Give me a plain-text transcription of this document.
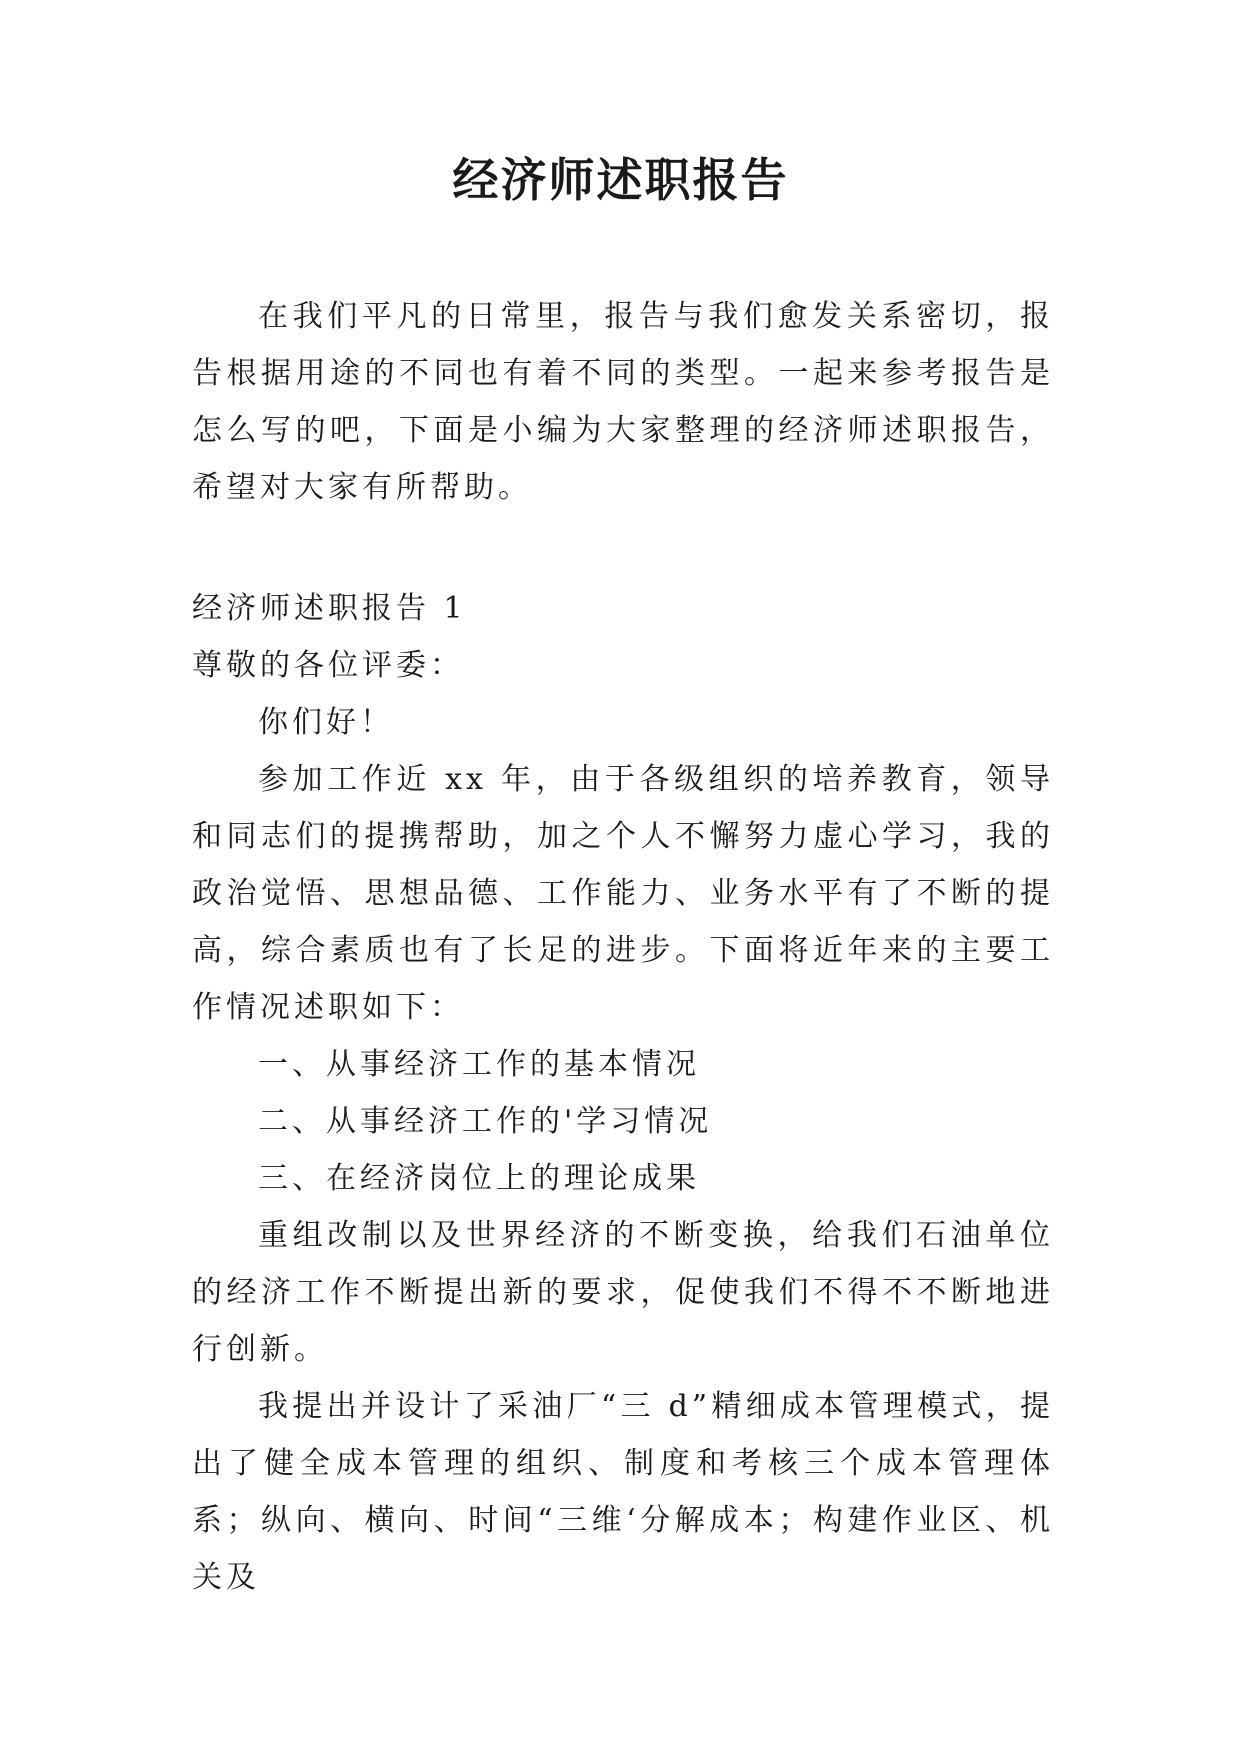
经济师述职报告

在我们平凡的日常里，报告与我们愈发关系密切，报告根据用途的不同也有着不同的类型。一起来参考报告是怎么写的吧，下面是小编为大家整理的经济师述职报告，希望对大家有所帮助。

经济师述职报告 1

尊敬的各位评委：

你们好！

参加工作近 xx 年，由于各级组织的培养教育，领导和同志们的提携帮助，加之个人不懈努力虚心学习，我的政治觉悟、思想品德、工作能力、业务水平有了不断的提高，综合素质也有了长足的进步。下面将近年来的主要工作情况述职如下：

一、从事经济工作的基本情况

二、从事经济工作的'学习情况

三、在经济岗位上的理论成果

重组改制以及世界经济的不断变换，给我们石油单位的经济工作不断提出新的要求，促使我们不得不不断地进行创新。

我提出并设计了采油厂“三 d”精细成本管理模式，提出了健全成本管理的组织、制度和考核三个成本管理体系；纵向、横向、时间“三维‘分解成本；构建作业区、机关及
